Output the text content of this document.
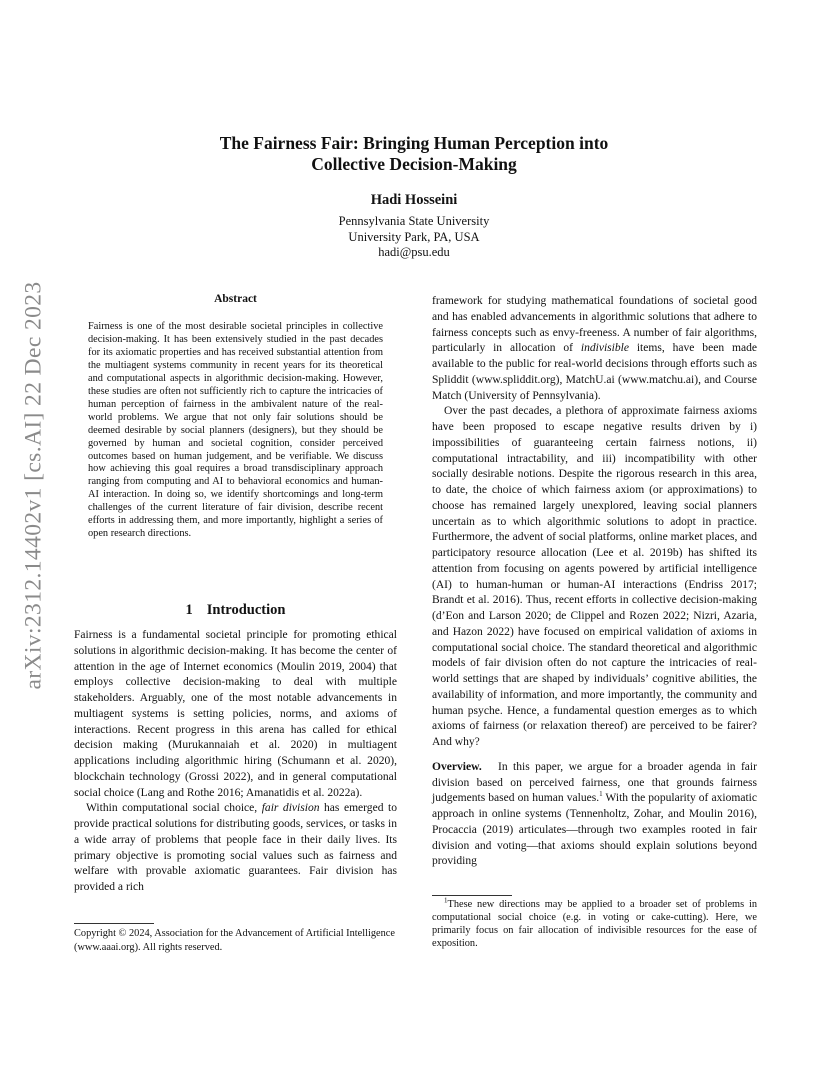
arXiv:2312.14402v1 [cs.AI] 22 Dec 2023
The Fairness Fair: Bringing Human Perception into
Collective Decision-Making
Hadi Hosseini
Pennsylvania State University
University Park, PA, USA
hadi@psu.edu
Abstract

Fairness is one of the most desirable societal principles in collective decision-making. It has been extensively studied in the past decades for its axiomatic properties and has received substantial attention from the multiagent systems community in recent years for its theoretical and computational aspects in algorithmic decision-making. However, these studies are often not sufficiently rich to capture the intricacies of human perception of fairness in the ambivalent nature of the real-world problems. We argue that not only fair solutions should be deemed desirable by social planners (designers), but they should be governed by human and societal cognition, consider perceived outcomes based on human judgement, and be verifiable. We discuss how achieving this goal requires a broad transdisciplinary approach ranging from computing and AI to behavioral economics and human-AI interaction. In doing so, we identify shortcomings and long-term challenges of the current literature of fair division, describe recent efforts in addressing them, and more importantly, highlight a series of open research directions.

1 Introduction

Fairness is a fundamental societal principle for promoting ethical solutions in algorithmic decision-making. It has become the center of attention in the age of Internet economics (Moulin 2019, 2004) that employs collective decision-making to deal with multiple stakeholders. Arguably, one of the most notable advancements in multiagent systems is setting policies, norms, and axioms of interactions. Recent progress in this arena has called for ethical decision making (Murukannaiah et al. 2020) in multiagent applications including algorithmic hiring (Schumann et al. 2020), blockchain technology (Grossi 2022), and in general computational social choice (Lang and Rothe 2016; Amanatidis et al. 2022a).

Within computational social choice, fair division has emerged to provide practical solutions for distributing goods, services, or tasks in a wide array of problems that people face in their daily lives. Its primary objective is promoting social values such as fairness and welfare with provable axiomatic guarantees. Fair division has provided a rich

Copyright © 2024, Association for the Advancement of Artificial Intelligence (www.aaai.org). All rights reserved.

framework for studying mathematical foundations of societal good and has enabled advancements in algorithmic solutions that adhere to fairness concepts such as envy-freeness. A number of fair algorithms, particularly in allocation of indivisible items, have been made available to the public for real-world decisions through efforts such as Spliddit (www.spliddit.org), MatchU.ai (www.matchu.ai), and Course Match (University of Pennsylvania).

Over the past decades, a plethora of approximate fairness axioms have been proposed to escape negative results driven by i) impossibilities of guaranteeing certain fairness notions, ii) computational intractability, and iii) incompatibility with other socially desirable notions. Despite the rigorous research in this area, to date, the choice of which fairness axiom (or approximations) to choose has remained largely unexplored, leaving social planners uncertain as to which algorithmic solutions to adopt in practice. Furthermore, the advent of social platforms, online market places, and participatory resource allocation (Lee et al. 2019b) has shifted its attention from focusing on agents powered by artificial intelligence (AI) to human-human or human-AI interactions (Endriss 2017; Brandt et al. 2016). Thus, recent efforts in collective decision-making (d’Eon and Larson 2020; de Clippel and Rozen 2022; Nizri, Azaria, and Hazon 2022) have focused on empirical validation of axioms in computational social choice. The standard theoretical and algorithmic models of fair division often do not capture the intricacies of real-world settings that are shaped by individuals’ cognitive abilities, the availability of information, and more importantly, the community and human psyche. Hence, a fundamental question emerges as to which axioms of fairness (or relaxation thereof) are perceived to be fairer? And why?

Overview. In this paper, we argue for a broader agenda in fair division based on perceived fairness, one that grounds fairness judgements based on human values.$^1$ With the popularity of axiomatic approach in online systems (Tennenholtz, Zohar, and Moulin 2016), Procaccia (2019) articulates—through two examples rooted in fair division and voting—that axioms should explain solutions beyond providing

$^1$These new directions may be applied to a broader set of problems in computational social choice (e.g. in voting or cake-cutting). Here, we primarily focus on fair allocation of indivisible resources for the ease of exposition.
